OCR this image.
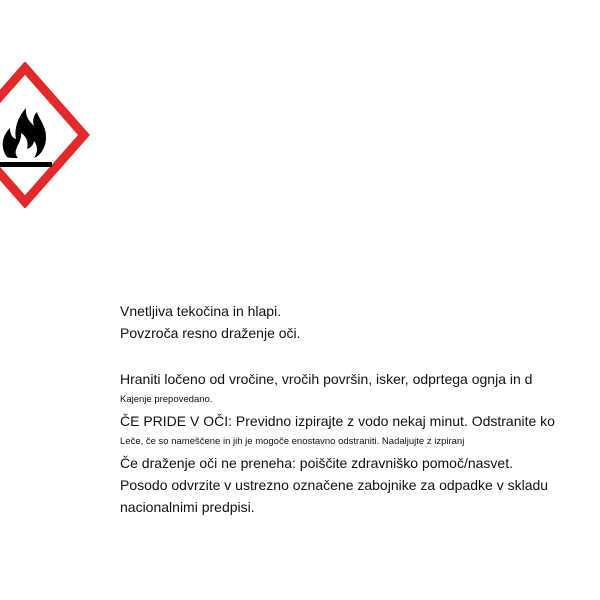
Vnetljiva tekočina in hlapi.
Povzroča resno draženje oči.
Hraniti ločeno od vročine, vročih površin, isker, odprtega ognja in d
Kajenje prepovedano.
ČE PRIDE V OČI: Previdno izpirajte z vodo nekaj minut. Odstranite ko
Leče, če so nameščene in jih je mogoče enostavno odstraniti. Nadaljujte z izpiranj
Če draženje oči ne preneha: poiščite zdravniško pomoč/nasvet.
Posodo odvrzite v ustrezno označene zabojnike za odpadke v skladu
nacionalnimi predpisi.
